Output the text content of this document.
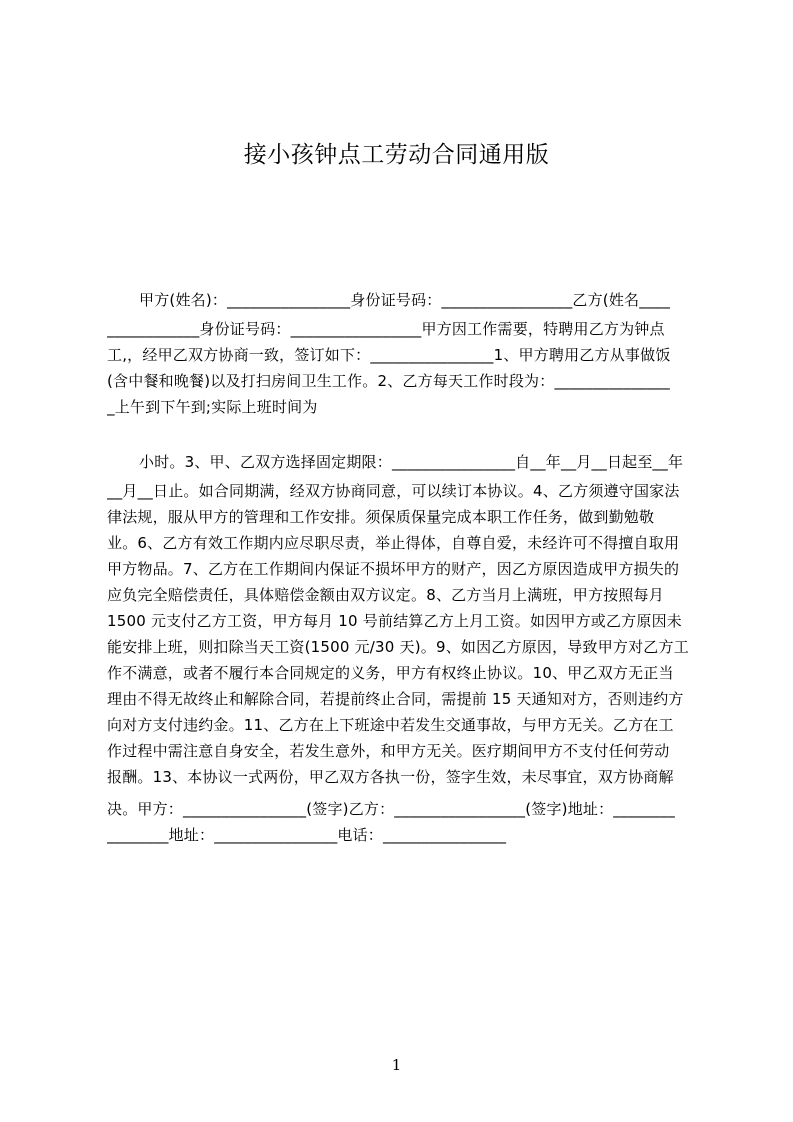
接小孩钟点工劳动合同通用版
甲方(姓名)：________________身份证号码：_________________乙方(姓名____
____________身份证号码：_________________甲方因工作需要，特聘用乙方为钟点
工,，经甲乙双方协商一致，签订如下：________________1、甲方聘用乙方从事做饭
(含中餐和晚餐)以及打扫房间卫生工作。2、乙方每天工作时段为：_______________
_上午到下午到;实际上班时间为
小时。3、甲、乙双方选择固定期限：________________自__年__月__日起至__年
__月__日止。如合同期满，经双方协商同意，可以续订本协议。4、乙方须遵守国家法
律法规，服从甲方的管理和工作安排。须保质保量完成本职工作任务，做到勤勉敬
业。6、乙方有效工作期内应尽职尽责，举止得体，自尊自爱，未经许可不得擅自取用
甲方物品。7、乙方在工作期间内保证不损坏甲方的财产，因乙方原因造成甲方损失的
应负完全赔偿责任，具体赔偿金额由双方议定。8、乙方当月上满班，甲方按照每月
1500 元支付乙方工资，甲方每月 10 号前结算乙方上月工资。如因甲方或乙方原因未
能安排上班，则扣除当天工资(1500 元/30 天)。9、如因乙方原因，导致甲方对乙方工
作不满意，或者不履行本合同规定的义务，甲方有权终止协议。10、甲乙双方无正当
理由不得无故终止和解除合同，若提前终止合同，需提前 15 天通知对方，否则违约方
向对方支付违约金。11、乙方在上下班途中若发生交通事故，与甲方无关。乙方在工
作过程中需注意自身安全，若发生意外，和甲方无关。医疗期间甲方不支付任何劳动
报酬。13、本协议一式两份，甲乙双方各执一份，签字生效，未尽事宜，双方协商解
决。甲方：________________(签字)乙方：_________________(签字)地址：________
________地址：________________电话：________________
1
